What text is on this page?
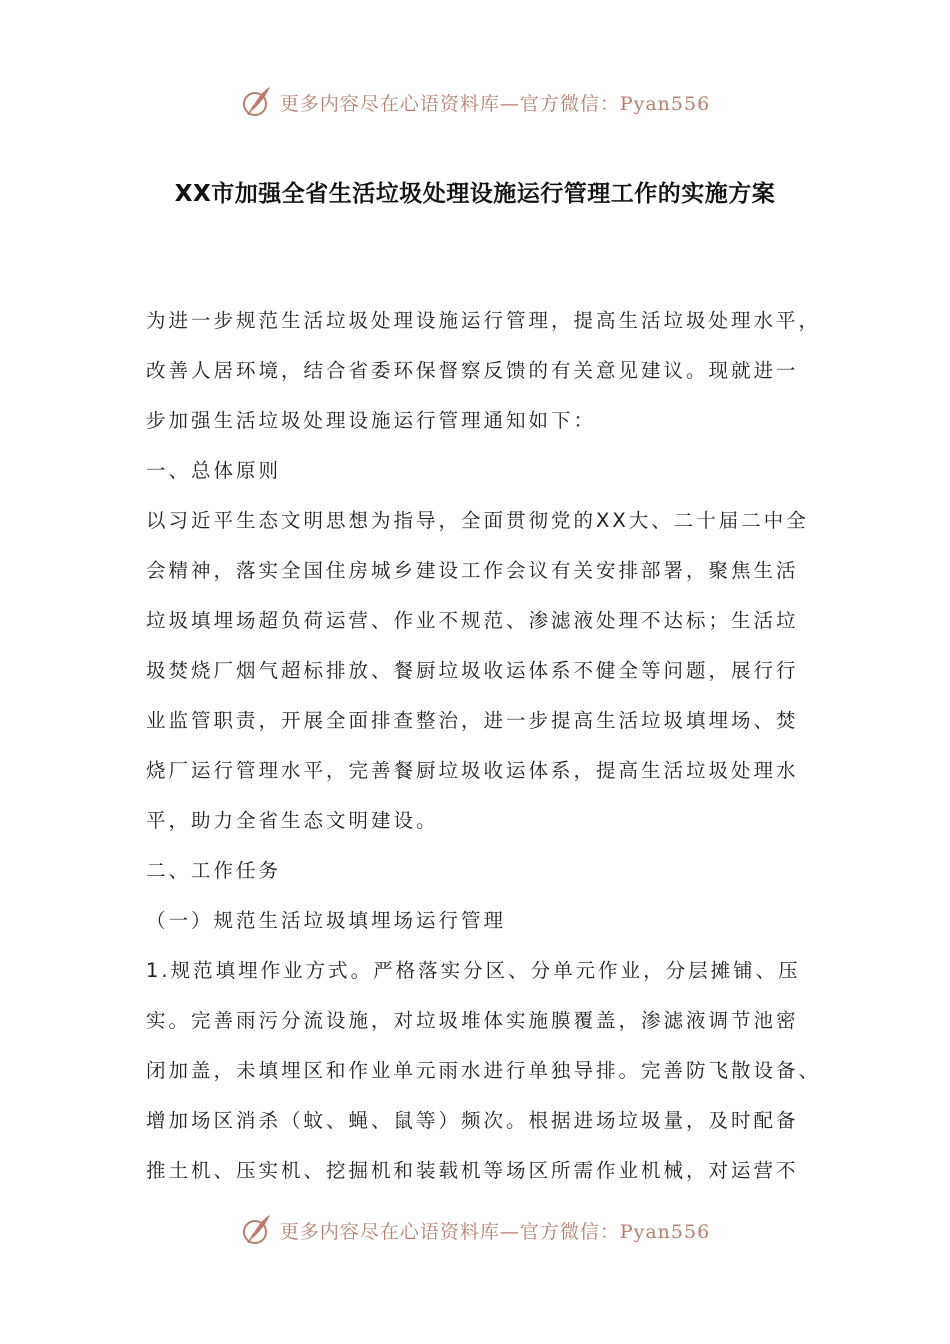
更多内容尽在心语资料库—官方微信：Pyan556
XX市加强全省生活垃圾处理设施运行管理工作的实施方案
为进一步规范生活垃圾处理设施运行管理，提高生活垃圾处理水平，
改善人居环境，结合省委环保督察反馈的有关意见建议。现就进一
步加强生活垃圾处理设施运行管理通知如下：
一、总体原则
以习近平生态文明思想为指导，全面贯彻党的XX大、二十届二中全
会精神，落实全国住房城乡建设工作会议有关安排部署，聚焦生活
垃圾填埋场超负荷运营、作业不规范、渗滤液处理不达标；生活垃
圾焚烧厂烟气超标排放、餐厨垃圾收运体系不健全等问题，展行行
业监管职责，开展全面排查整治，进一步提高生活垃圾填埋场、焚
烧厂运行管理水平，完善餐厨垃圾收运体系，提高生活垃圾处理水
平，助力全省生态文明建设。
二、工作任务
（一）规范生活垃圾填埋场运行管理
1.规范填埋作业方式。严格落实分区、分单元作业，分层摊铺、压
实。完善雨污分流设施，对垃圾堆体实施膜覆盖，渗滤液调节池密
闭加盖，未填埋区和作业单元雨水进行单独导排。完善防飞散设备、
增加场区消杀（蚊、蝇、鼠等）频次。根据进场垃圾量，及时配备
推土机、压实机、挖掘机和装载机等场区所需作业机械，对运营不
更多内容尽在心语资料库—官方微信：Pyan556
